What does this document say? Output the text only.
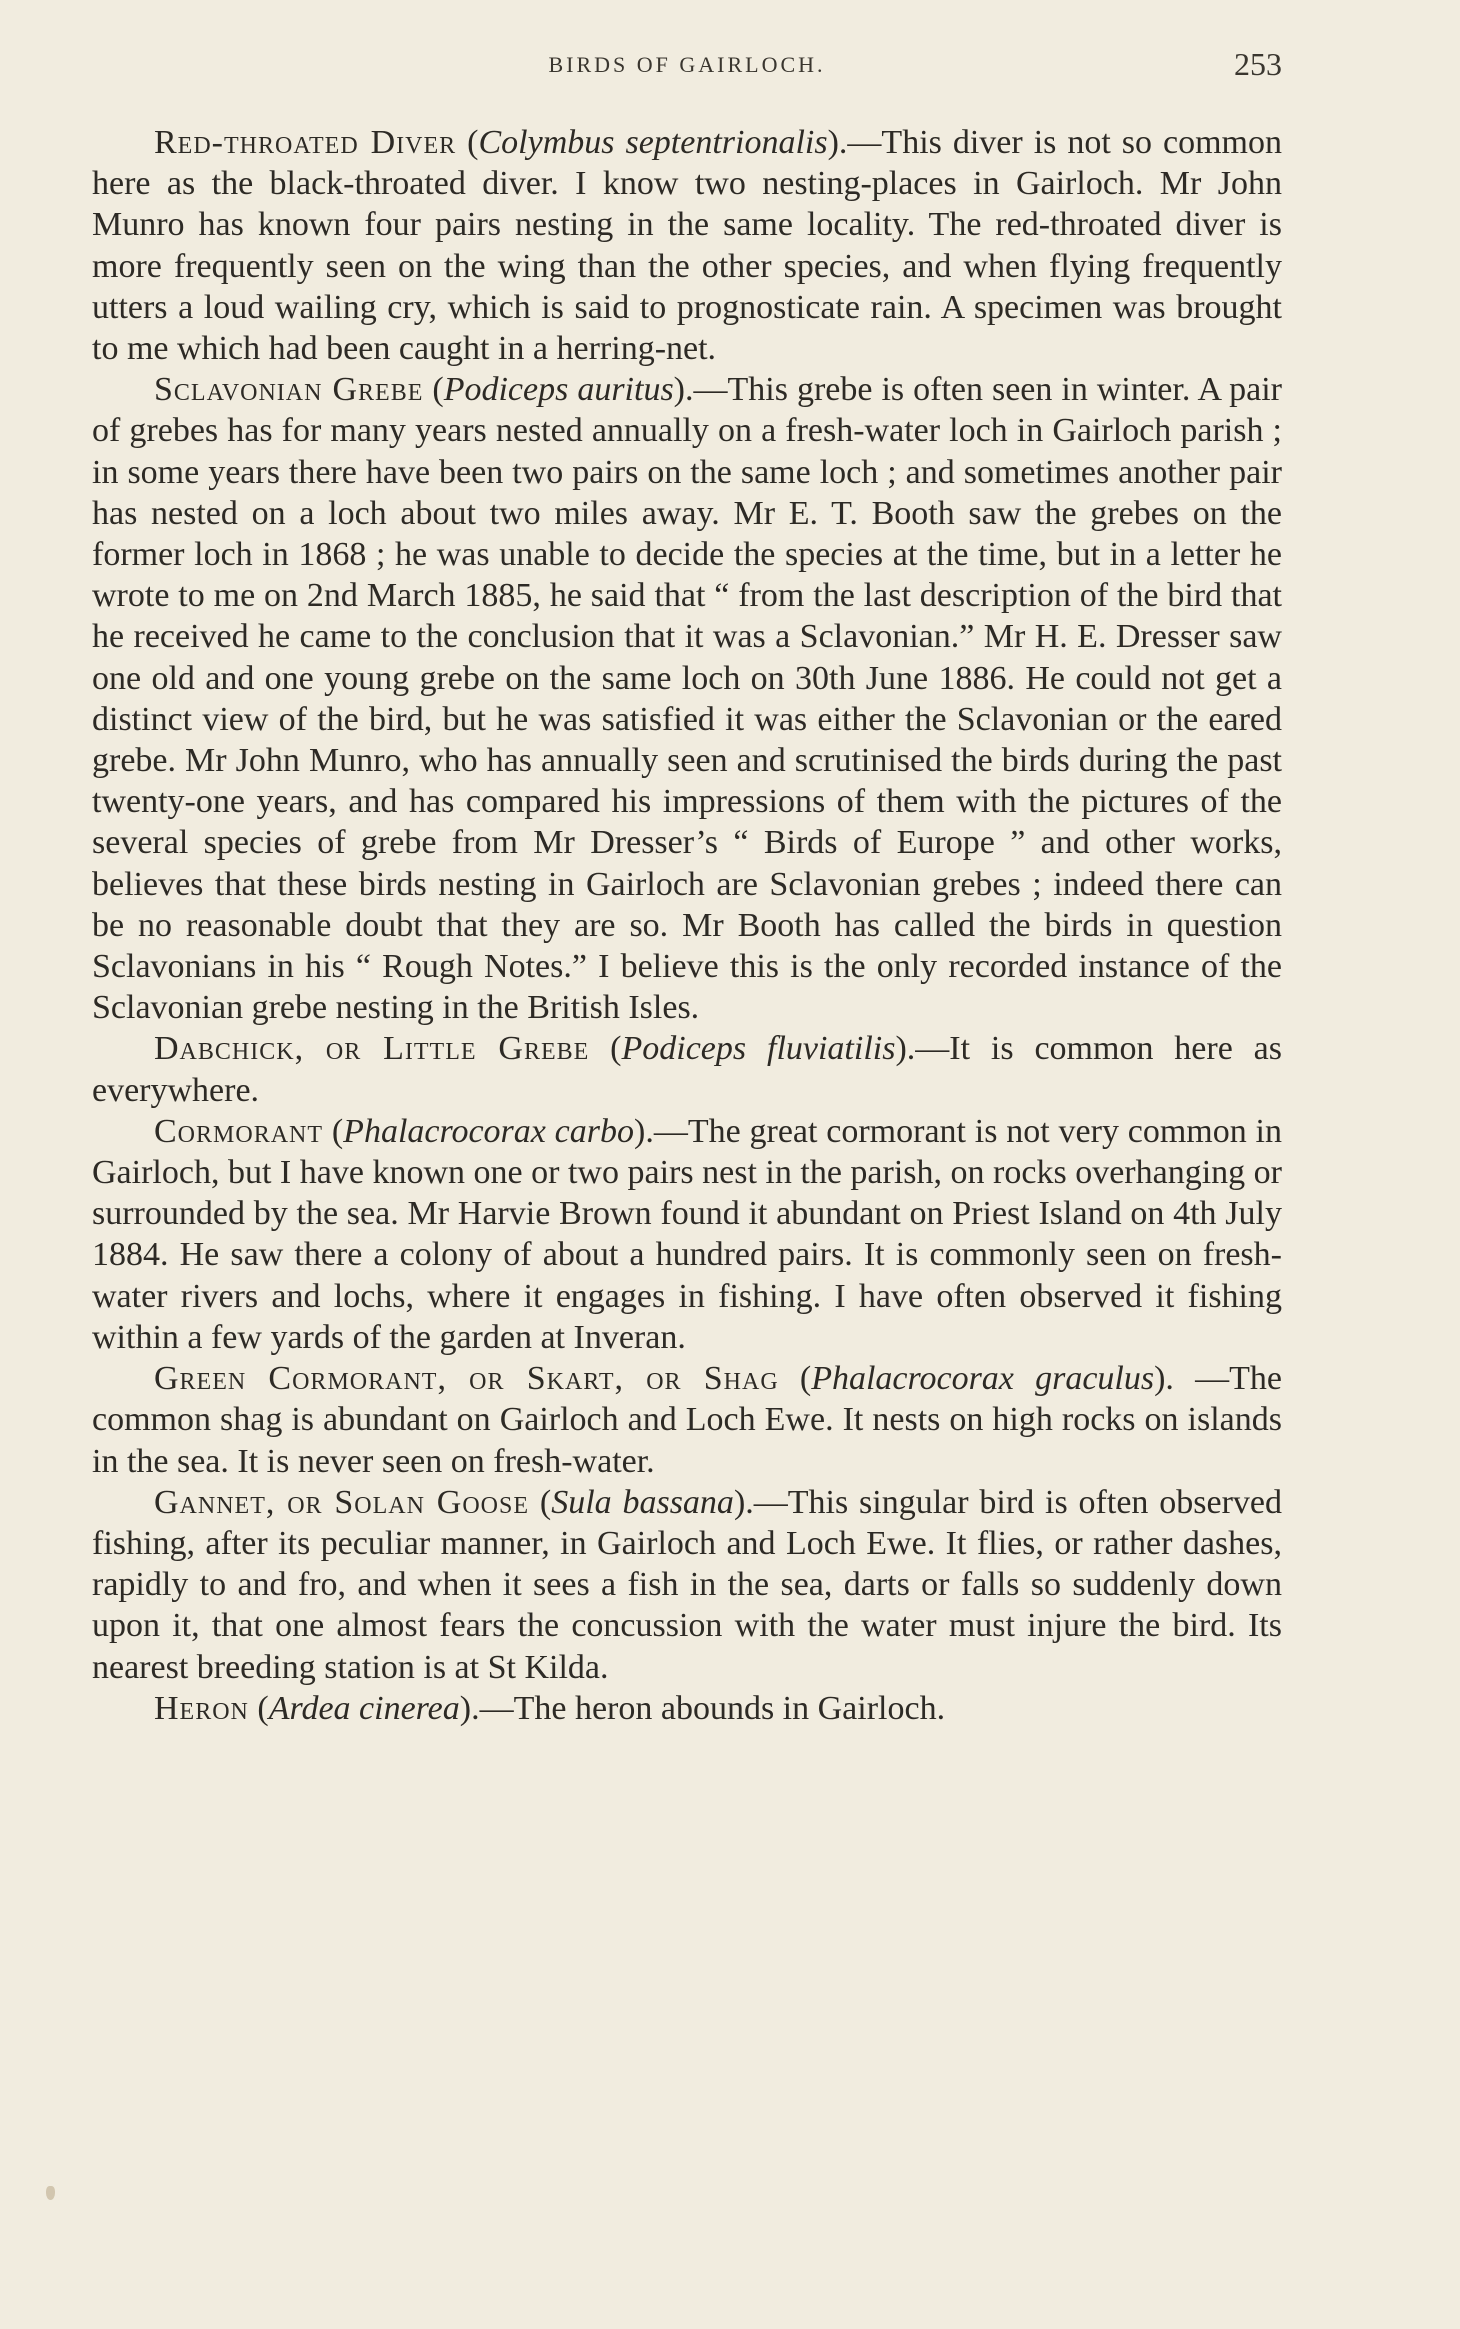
BIRDS OF GAIRLOCH.	253

Red-throated Diver (Colymbus septentrionalis).—This diver is not so common here as the black-throated diver. I know two nesting-places in Gairloch. Mr John Munro has known four pairs nesting in the same locality. The red-throated diver is more frequently seen on the wing than the other species, and when flying frequently utters a loud wailing cry, which is said to prognosticate rain. A specimen was brought to me which had been caught in a herring-net.

Sclavonian Grebe (Podiceps auritus).—This grebe is often seen in winter. A pair of grebes has for many years nested annually on a fresh-water loch in Gairloch parish ; in some years there have been two pairs on the same loch ; and sometimes another pair has nested on a loch about two miles away. Mr E. T. Booth saw the grebes on the former loch in 1868 ; he was unable to decide the species at the time, but in a letter he wrote to me on 2nd March 1885, he said that “ from the last description of the bird that he received he came to the conclusion that it was a Sclavonian.” Mr H. E. Dresser saw one old and one young grebe on the same loch on 30th June 1886. He could not get a distinct view of the bird, but he was satisfied it was either the Sclavonian or the eared grebe. Mr John Munro, who has annually seen and scrutinised the birds during the past twenty-one years, and has compared his impressions of them with the pictures of the several species of grebe from Mr Dresser’s “ Birds of Europe ” and other works, believes that these birds nesting in Gairloch are Sclavonian grebes ; indeed there can be no reasonable doubt that they are so. Mr Booth has called the birds in question Sclavonians in his “ Rough Notes.” I believe this is the only recorded instance of the Sclavonian grebe nesting in the British Isles.

Dabchick, or Little Grebe (Podiceps fluviatilis).—It is common here as everywhere.

Cormorant (Phalacrocorax carbo).—The great cormorant is not very common in Gairloch, but I have known one or two pairs nest in the parish, on rocks overhanging or surrounded by the sea. Mr Harvie Brown found it abundant on Priest Island on 4th July 1884. He saw there a colony of about a hundred pairs. It is commonly seen on fresh-water rivers and lochs, where it engages in fishing. I have often observed it fishing within a few yards of the garden at Inveran.

Green Cormorant, or Skart, or Shag (Phalacrocorax graculus). —The common shag is abundant on Gairloch and Loch Ewe. It nests on high rocks on islands in the sea. It is never seen on fresh-water.

Gannet, or Solan Goose (Sula bassana).—This singular bird is often observed fishing, after its peculiar manner, in Gairloch and Loch Ewe. It flies, or rather dashes, rapidly to and fro, and when it sees a fish in the sea, darts or falls so suddenly down upon it, that one almost fears the concussion with the water must injure the bird. Its nearest breeding station is at St Kilda.

Heron (Ardea cinerea).—The heron abounds in Gairloch.
